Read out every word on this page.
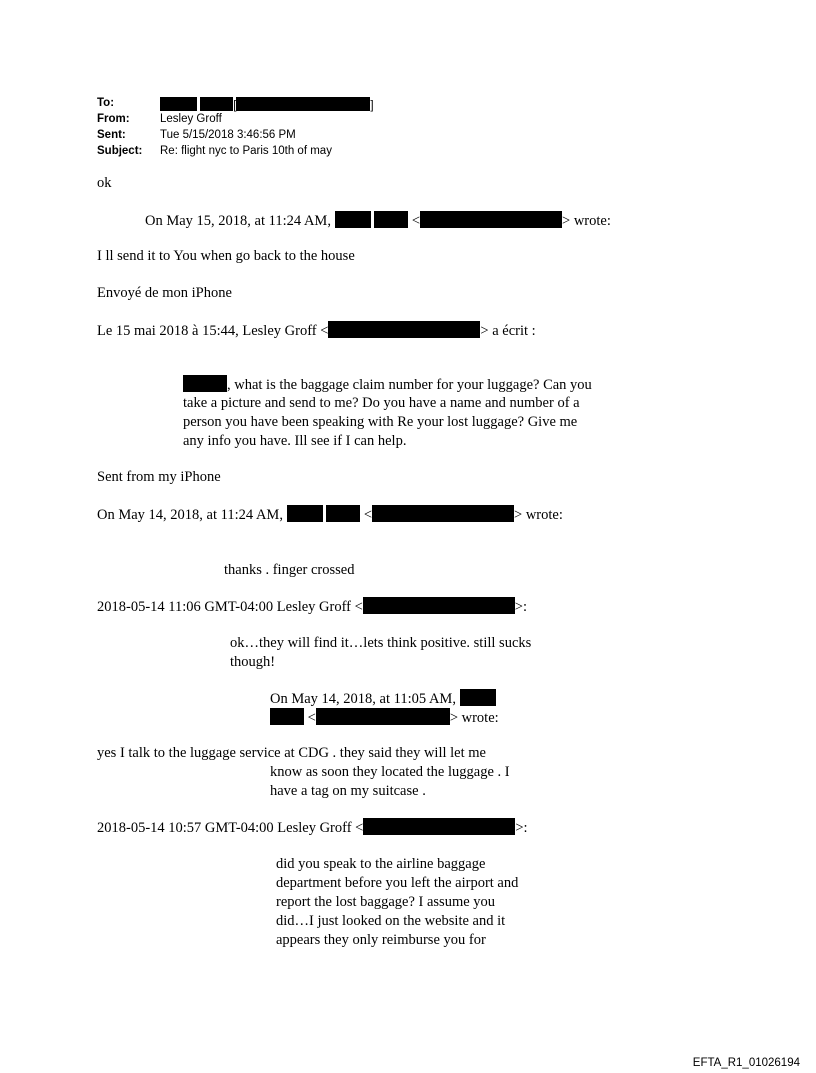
To:	[	]
From:	Lesley Groff
Sent:	Tue 5/15/2018 3:46:56 PM
Subject: Re: flight nyc to Paris 10th of may
ok
On May 15, 2018, at 11:24 AM,	<	> wrote:
I ll send it to You when go back to the house
Envoyé de mon iPhone
Le 15 mai 2018 à 15:44, Lesley Groff <	> a écrit :
, what is the baggage claim number for your luggage? Can you
take a picture and send to me? Do you have a name and number of a
person you have been speaking with Re your lost luggage? Give me
any info you have. Ill see if I can help.
Sent from my iPhone
On May 14, 2018, at 11:24 AM,	<	> wrote:
thanks . finger crossed
2018-05-14 11:06 GMT-04:00 Lesley Groff <	>:
ok…they will find it…lets think positive. still sucks
though!
On May 14, 2018, at 11:05 AM,
<	> wrote:
yes I talk to the luggage service at CDG . they said they will let me
know as soon they located the luggage . I
have a tag on my suitcase .
2018-05-14 10:57 GMT-04:00 Lesley Groff <	>:
did you speak to the airline baggage
department before you left the airport and
report the lost baggage? I assume you
did…I just looked on the website and it
appears they only reimburse you for
EFTA_R1_01026194
